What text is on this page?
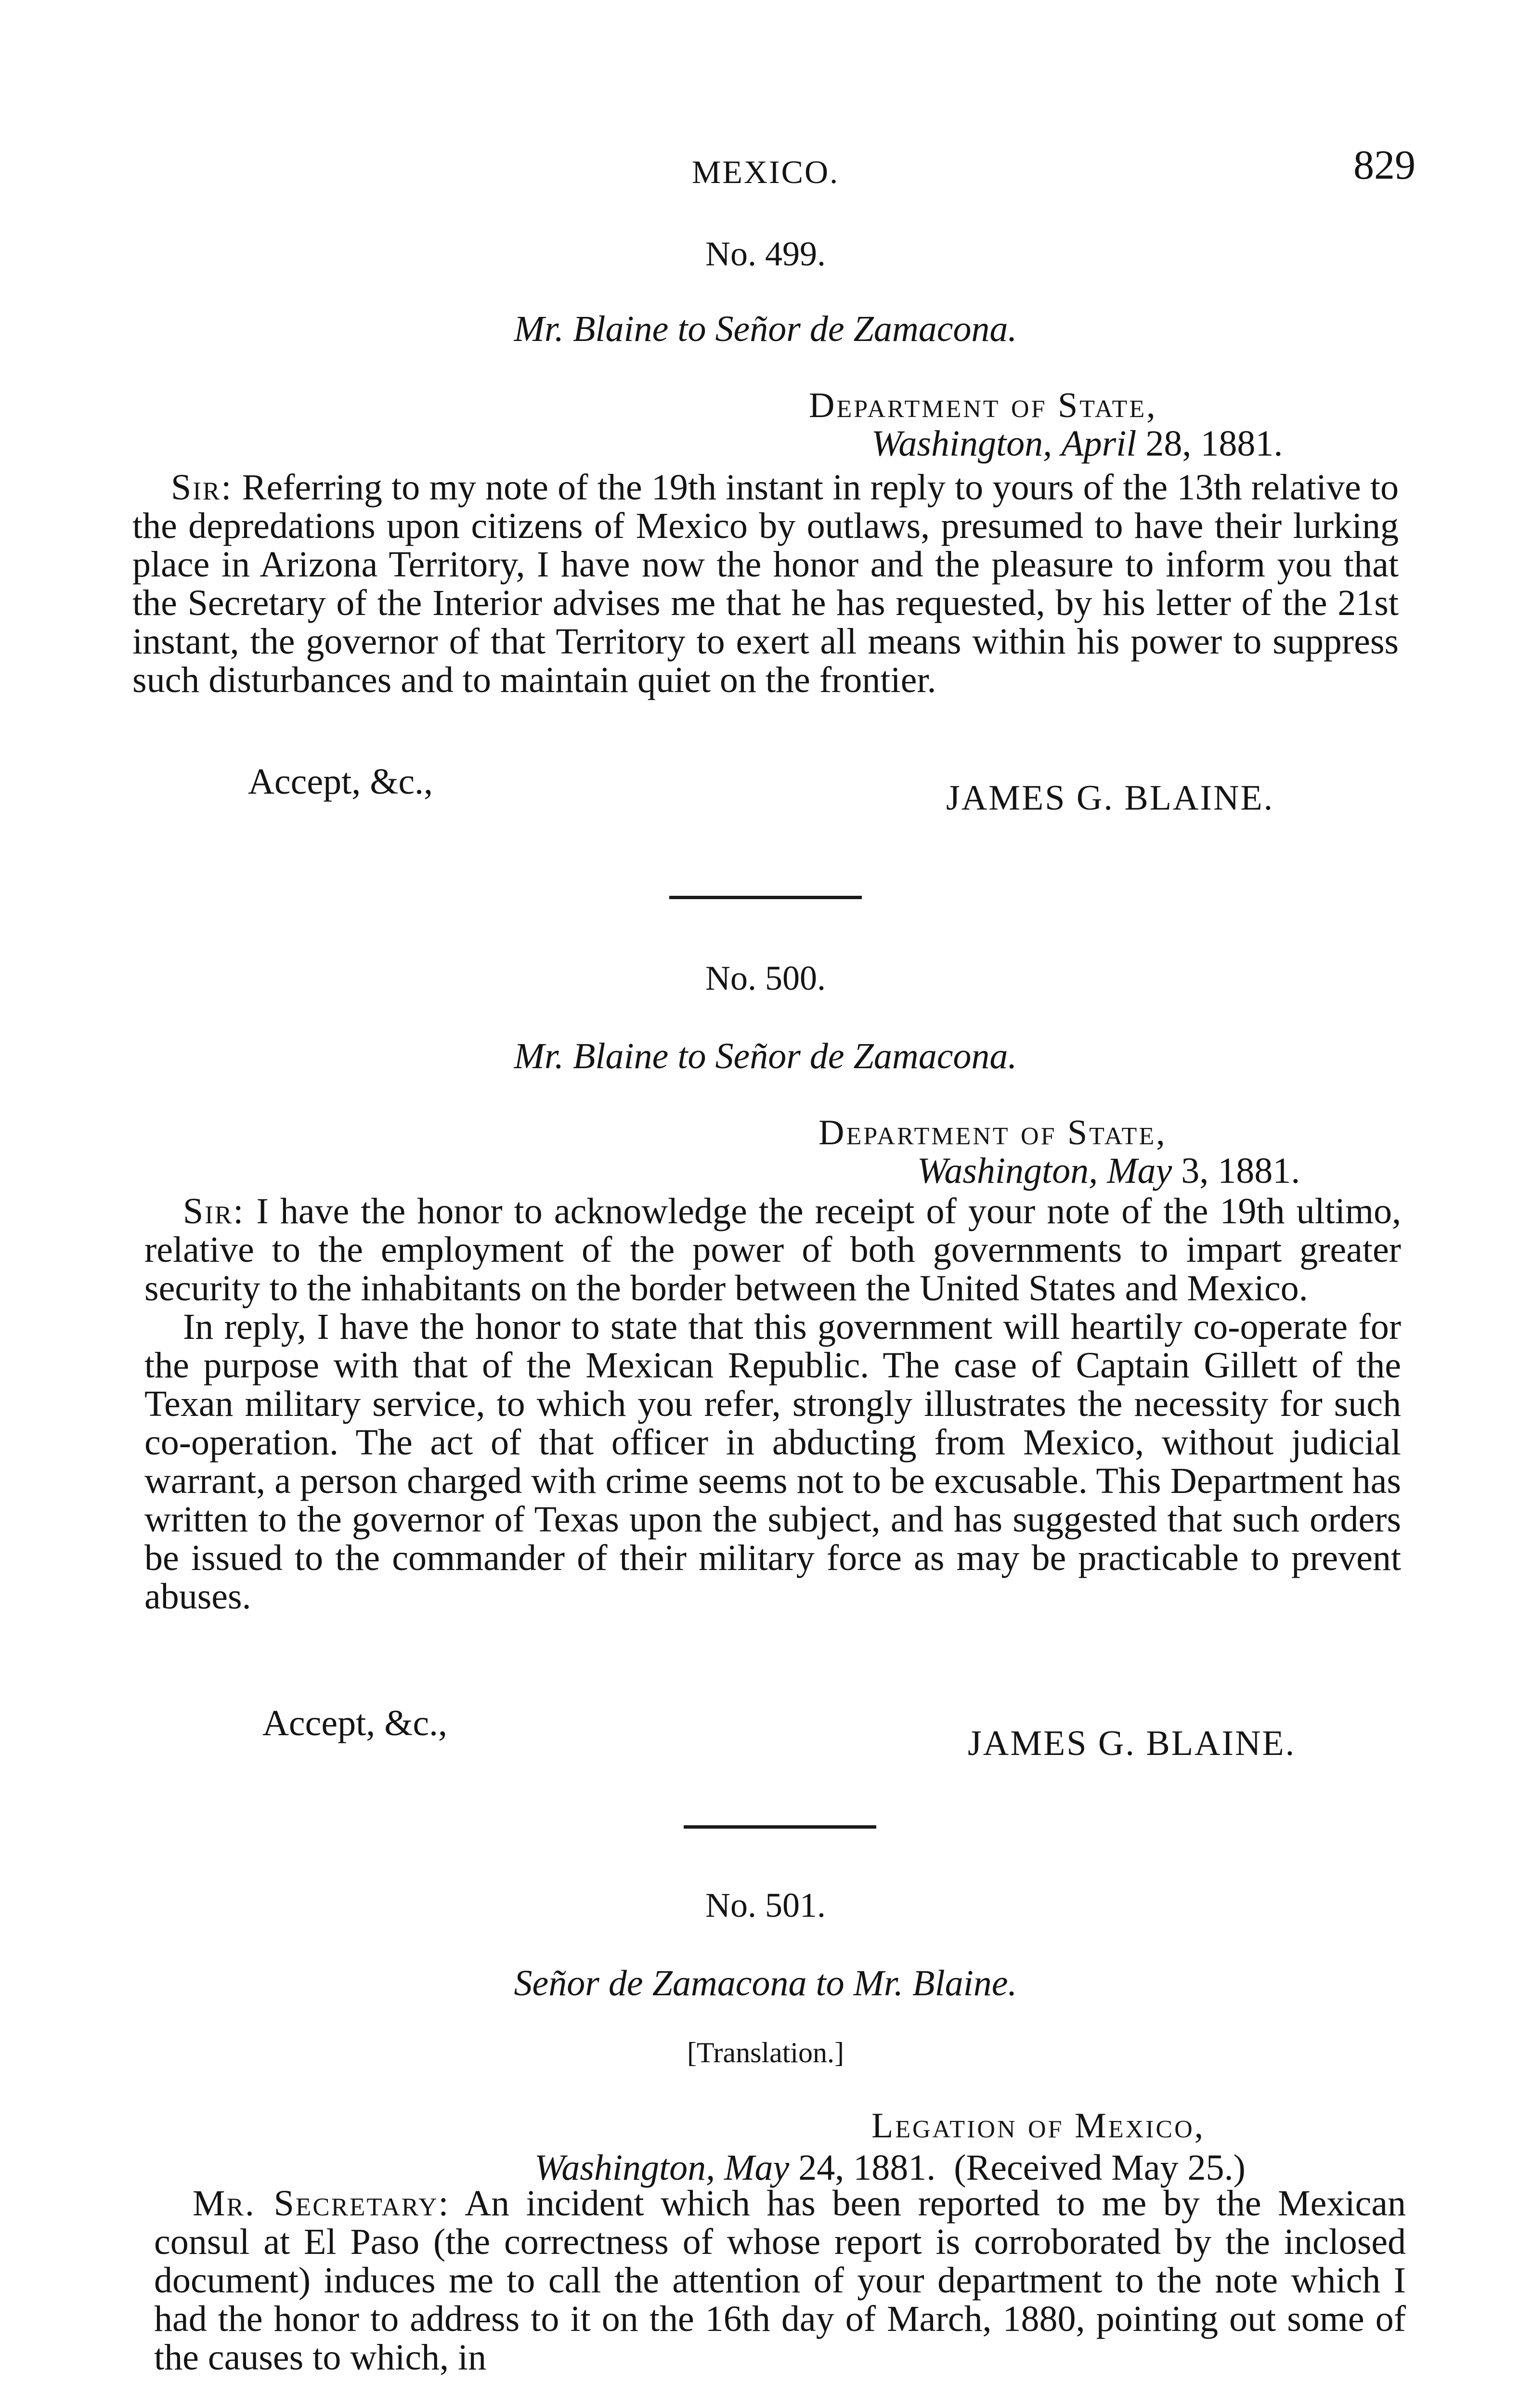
MEXICO.	829
No. 499.
Mr. Blaine to Señor de Zamacona.
Department of State,
Washington, April 28, 1881.

Sir: Referring to my note of the 19th instant in reply to yours of the 13th relative to the depredations upon citizens of Mexico by outlaws, presumed to have their lurking place in Arizona Territory, I have now the honor and the pleasure to inform you that the Secretary of the Interior advises me that he has requested, by his letter of the 21st instant, the governor of that Territory to exert all means within his power to suppress such disturbances and to maintain quiet on the frontier.

Accept, &c.,	JAMES G. BLAINE.
No. 500.
Mr. Blaine to Señor de Zamacona.
Department of State,
Washington, May 3, 1881.

Sir: I have the honor to acknowledge the receipt of your note of the 19th ultimo, relative to the employment of the power of both governments to impart greater security to the inhabitants on the border between the United States and Mexico.

In reply, I have the honor to state that this government will heartily co-operate for the purpose with that of the Mexican Republic. The case of Captain Gillett of the Texan military service, to which you refer, strongly illustrates the necessity for such co-operation. The act of that officer in abducting from Mexico, without judicial warrant, a person charged with crime seems not to be excusable. This Department has written to the governor of Texas upon the subject, and has suggested that such orders be issued to the commander of their military force as may be practicable to prevent abuses.

Accept, &c.,	JAMES G. BLAINE.
No. 501.
Señor de Zamacona to Mr. Blaine.
[Translation.]
Legation of Mexico,
Washington, May 24, 1881. (Received May 25.)

Mr. Secretary: An incident which has been reported to me by the Mexican consul at El Paso (the correctness of whose report is corroborated by the inclosed document) induces me to call the attention of your department to the note which I had the honor to address to it on the 16th day of March, 1880, pointing out some of the causes to which, in
